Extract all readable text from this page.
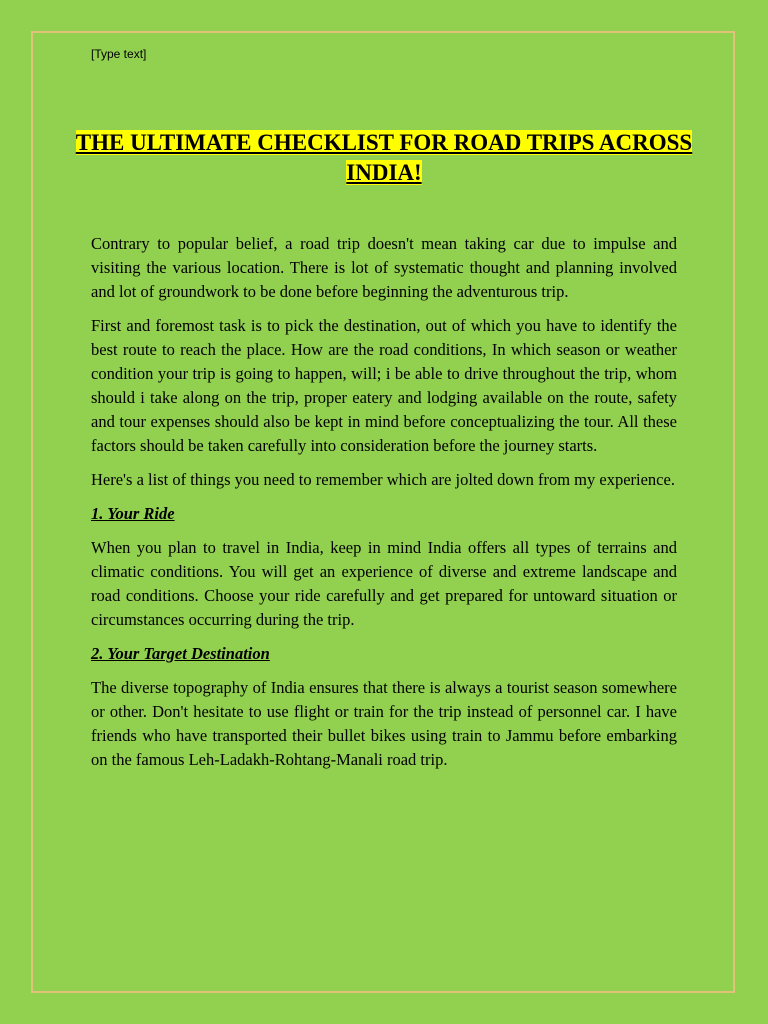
[Type text]
THE ULTIMATE CHECKLIST FOR ROAD TRIPS ACROSS INDIA!

Contrary to popular belief, a road trip doesn't mean taking car due to impulse and visiting the various location. There is lot of systematic thought and planning involved and lot of groundwork to be done before beginning the adventurous trip.

First and foremost task is to pick the destination, out of which you have to identify the best route to reach the place. How are the road conditions, In which season or weather condition your trip is going to happen, will; i be able to drive throughout the trip, whom should i take along on the trip, proper eatery and lodging available on the route, safety and tour expenses should also be kept in mind before conceptualizing the tour. All these factors should be taken carefully into consideration before the journey starts.

Here's a list of things you need to remember which are jolted down from my experience.

1. Your Ride

When you plan to travel in India, keep in mind India offers all types of terrains and climatic conditions. You will get an experience of diverse and extreme landscape and road conditions. Choose your ride carefully and get prepared for untoward situation or circumstances occurring during the trip.

2. Your Target Destination

The diverse topography of India ensures that there is always a tourist season somewhere or other. Don't hesitate to use flight or train for the trip instead of personnel car. I have friends who have transported their bullet bikes using train to Jammu before embarking on the famous Leh-Ladakh-Rohtang-Manali road trip.
